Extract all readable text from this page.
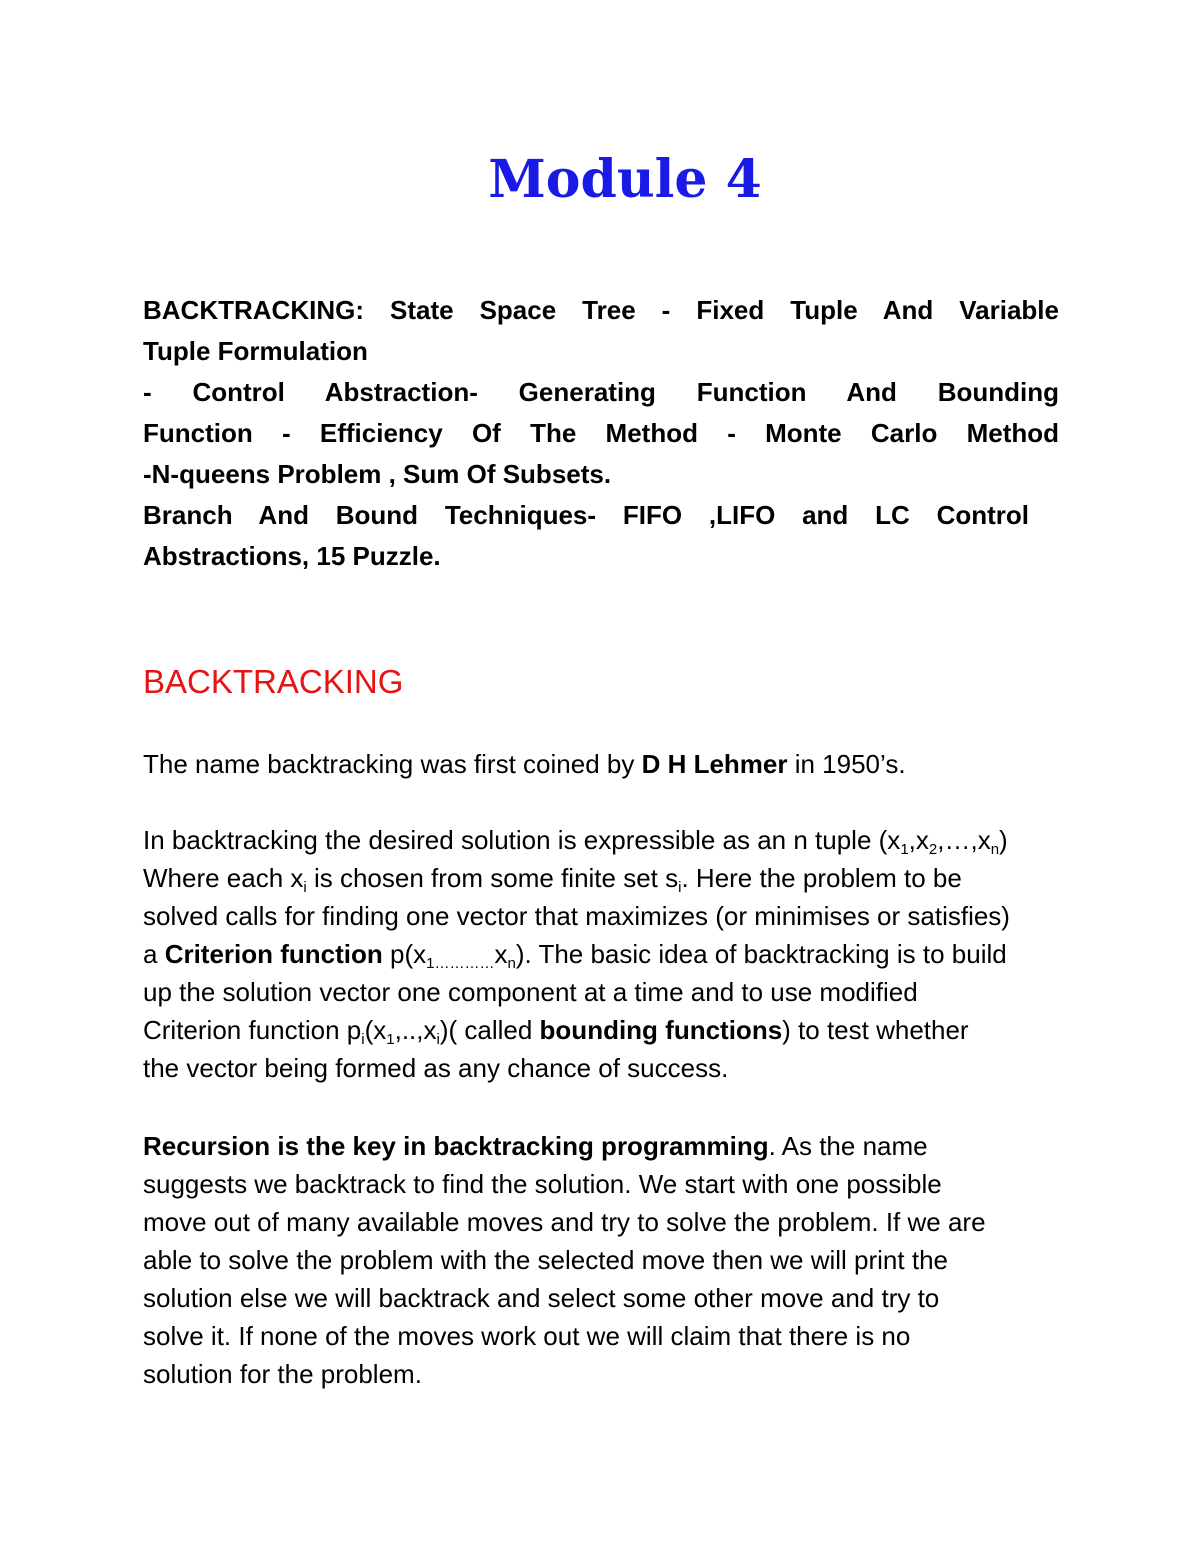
Module 4

BACKTRACKING: State Space Tree - Fixed Tuple And Variable

Tuple Formulation

- Control Abstraction- Generating Function And Bounding

Function - Efficiency Of The Method - Monte Carlo Method

-N-queens Problem , Sum Of Subsets.

Branch And Bound Techniques- FIFO ,LIFO and LC Control

Abstractions, 15 Puzzle.

BACKTRACKING

The name backtracking was first coined by D H Lehmer in 1950’s.

In backtracking the desired solution is expressible as an n tuple $(x_1,x_2,\dots,x_n)$
Where each $x_i$ is chosen from some finite set $s_i$. Here the problem to be
solved calls for finding one vector that maximizes (or minimises or satisfies)
a Criterion function $p(x_{1\dots\dots\dots\dots}x_n)$. The basic idea of backtracking is to build
up the solution vector one component at a time and to use modified
Criterion function $p_i(x_1,..,x_i)$( called bounding functions) to test whether
the vector being formed as any chance of success.

Recursion is the key in backtracking programming. As the name
suggests we backtrack to find the solution. We start with one possible
move out of many available moves and try to solve the problem. If we are
able to solve the problem with the selected move then we will print the
solution else we will backtrack and select some other move and try to
solve it. If none of the moves work out we will claim that there is no
solution for the problem.
